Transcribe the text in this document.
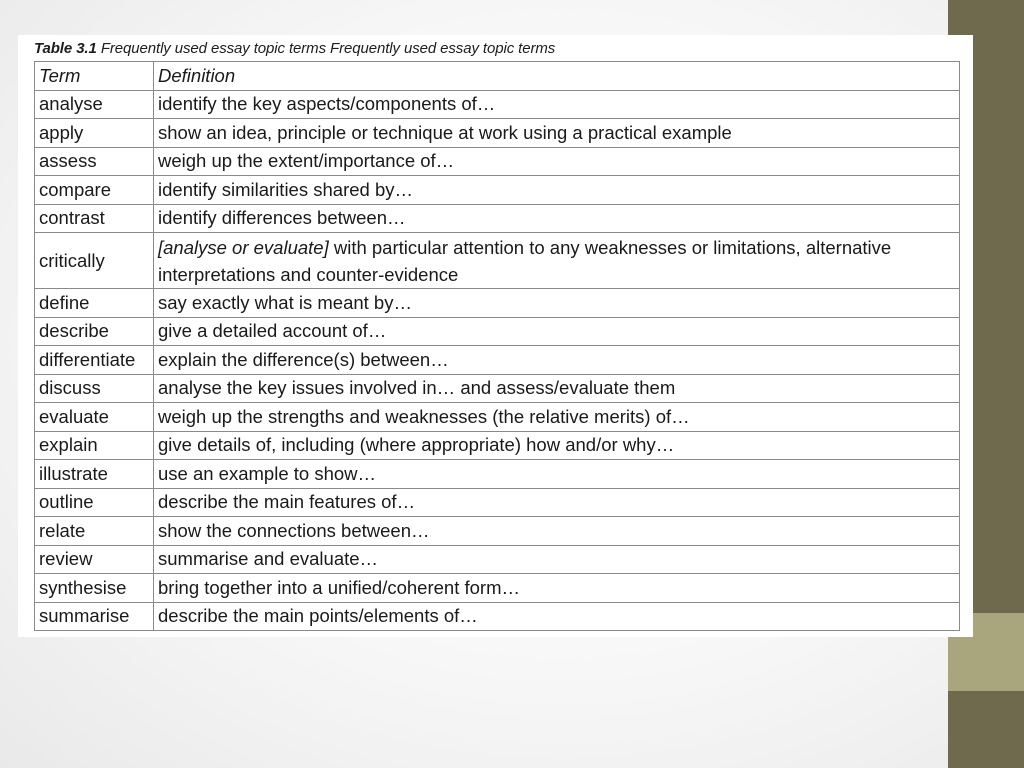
Table 3.1 Frequently used essay topic terms Frequently used essay topic terms
Term	Definition
analyse	identify the key aspects/components of…
apply	show an idea, principle or technique at work using a practical example
assess	weigh up the extent/importance of…
compare	identify similarities shared by…
contrast	identify differences between…
critically	[analyse or evaluate] with particular attention to any weaknesses or limitations, alternative interpretations and counter-evidence
define	say exactly what is meant by…
describe	give a detailed account of…
differentiate	explain the difference(s) between…
discuss	analyse the key issues involved in… and assess/evaluate them
evaluate	weigh up the strengths and weaknesses (the relative merits) of…
explain	give details of, including (where appropriate) how and/or why…
illustrate	use an example to show…
outline	describe the main features of…
relate	show the connections between…
review	summarise and evaluate…
synthesise	bring together into a unified/coherent form…
summarise	describe the main points/elements of…
